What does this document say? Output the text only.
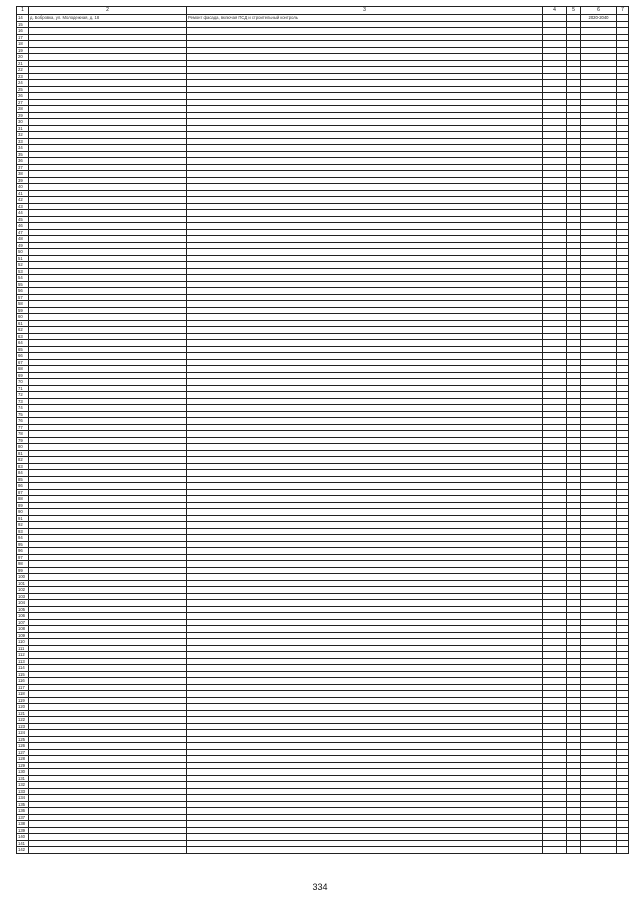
1	2	3	4	5	6	7
14	д. Бобровка, ул. Молодежная, д. 18	Ремонт фасада, включая ПСД и строительный контроль			2020-2040	
15						
16						
17						
18						
19						
20						
21						
22						
23						
24						
25						
26						
27						
28						
29						
30						
31						
32						
33						
34						
35						
36						
37						
38						
39						
40						
41						
42						
43						
44						
45						
46						
47						
48						
49						
50						
51						
52						
53						
54						
55						
56						
57						
58						
59						
60						
61						
62						
63						
64						
65						
66						
67						
68						
69						
70						
71						
72						
73						
74						
75						
76						
77						
78						
79						
80						
81						
82						
83						
84						
85						
86						
87						
88						
89						
90						
91						
92						
93						
94						
95						
96						
97						
98						
99						
100						
101						
102						
103						
104						
105						
106						
107						
108						
109						
110						
111						
112						
113						
114						
115						
116						
117						
118						
119						
120						
121						
122						
123						
124						
125						
126						
127						
128						
129						
130						
131						
132						
133						
134						
135						
136						
137						
138						
139						
140						
141						
142						
334
